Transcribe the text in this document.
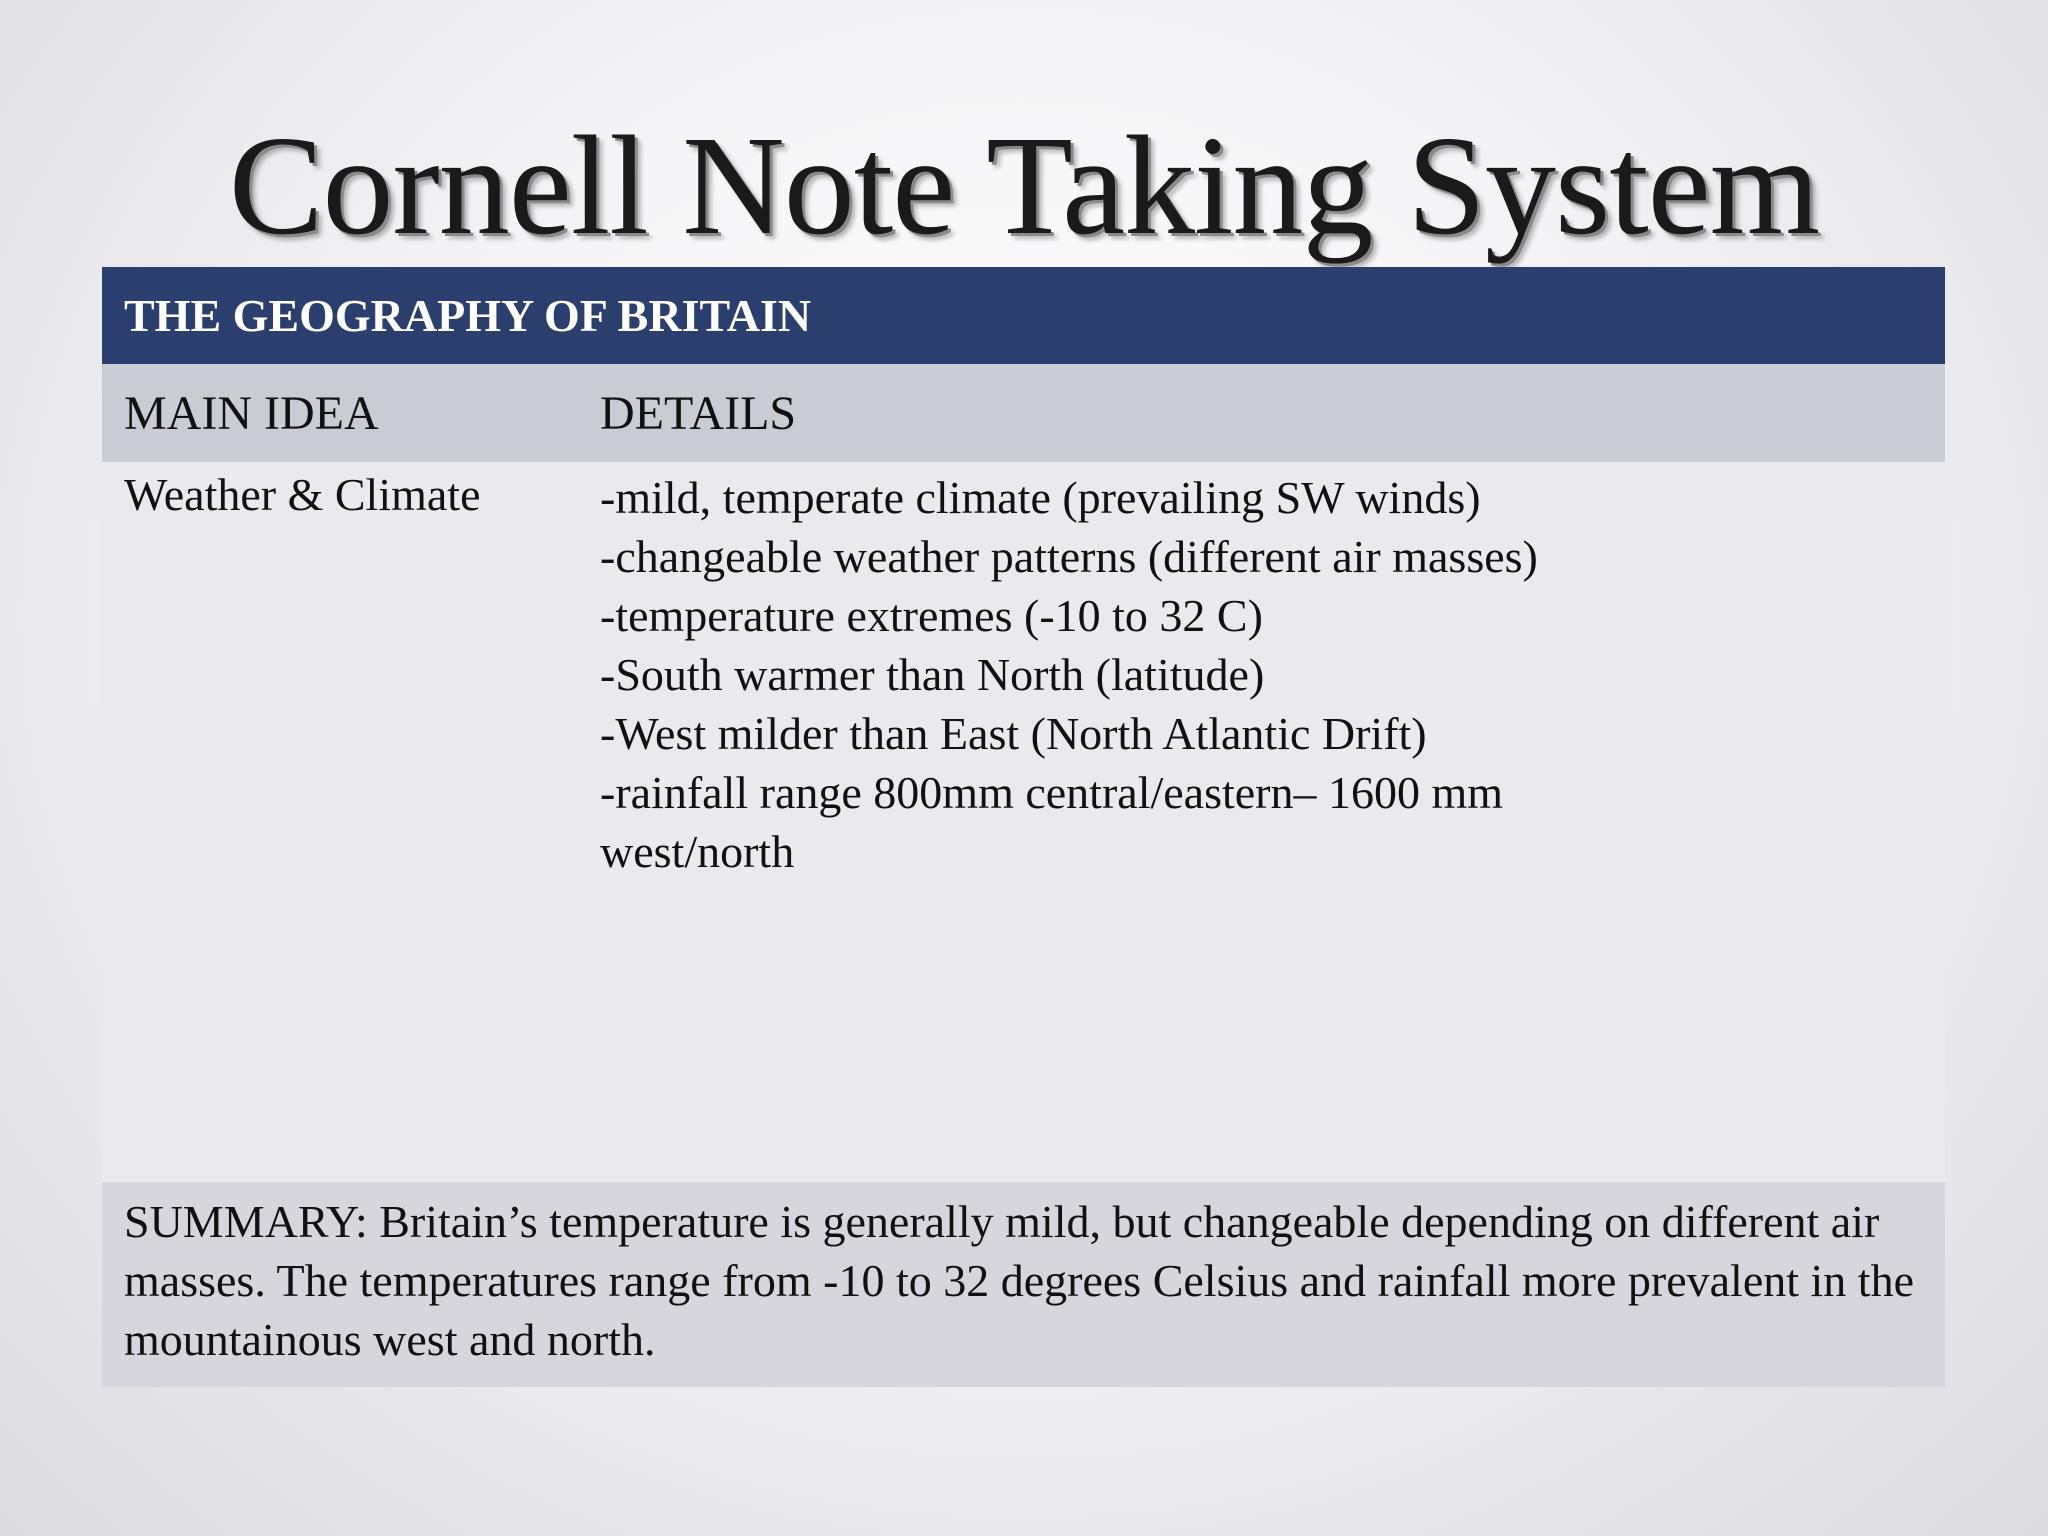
Cornell Note Taking System
THE GEOGRAPHY OF BRITAIN
MAIN IDEA	DETAILS
Weather & Climate	-mild, temperate climate (prevailing SW winds)
-changeable weather patterns (different air masses)
-temperature extremes (-10 to 32 C)
-South warmer than North (latitude)
-West milder than East (North Atlantic Drift)
-rainfall range 800mm central/eastern– 1600 mm
west/north
SUMMARY: Britain’s temperature is generally mild, but changeable depending on different air masses. The temperatures range from -10 to 32 degrees Celsius and rainfall more prevalent in the mountainous west and north.
